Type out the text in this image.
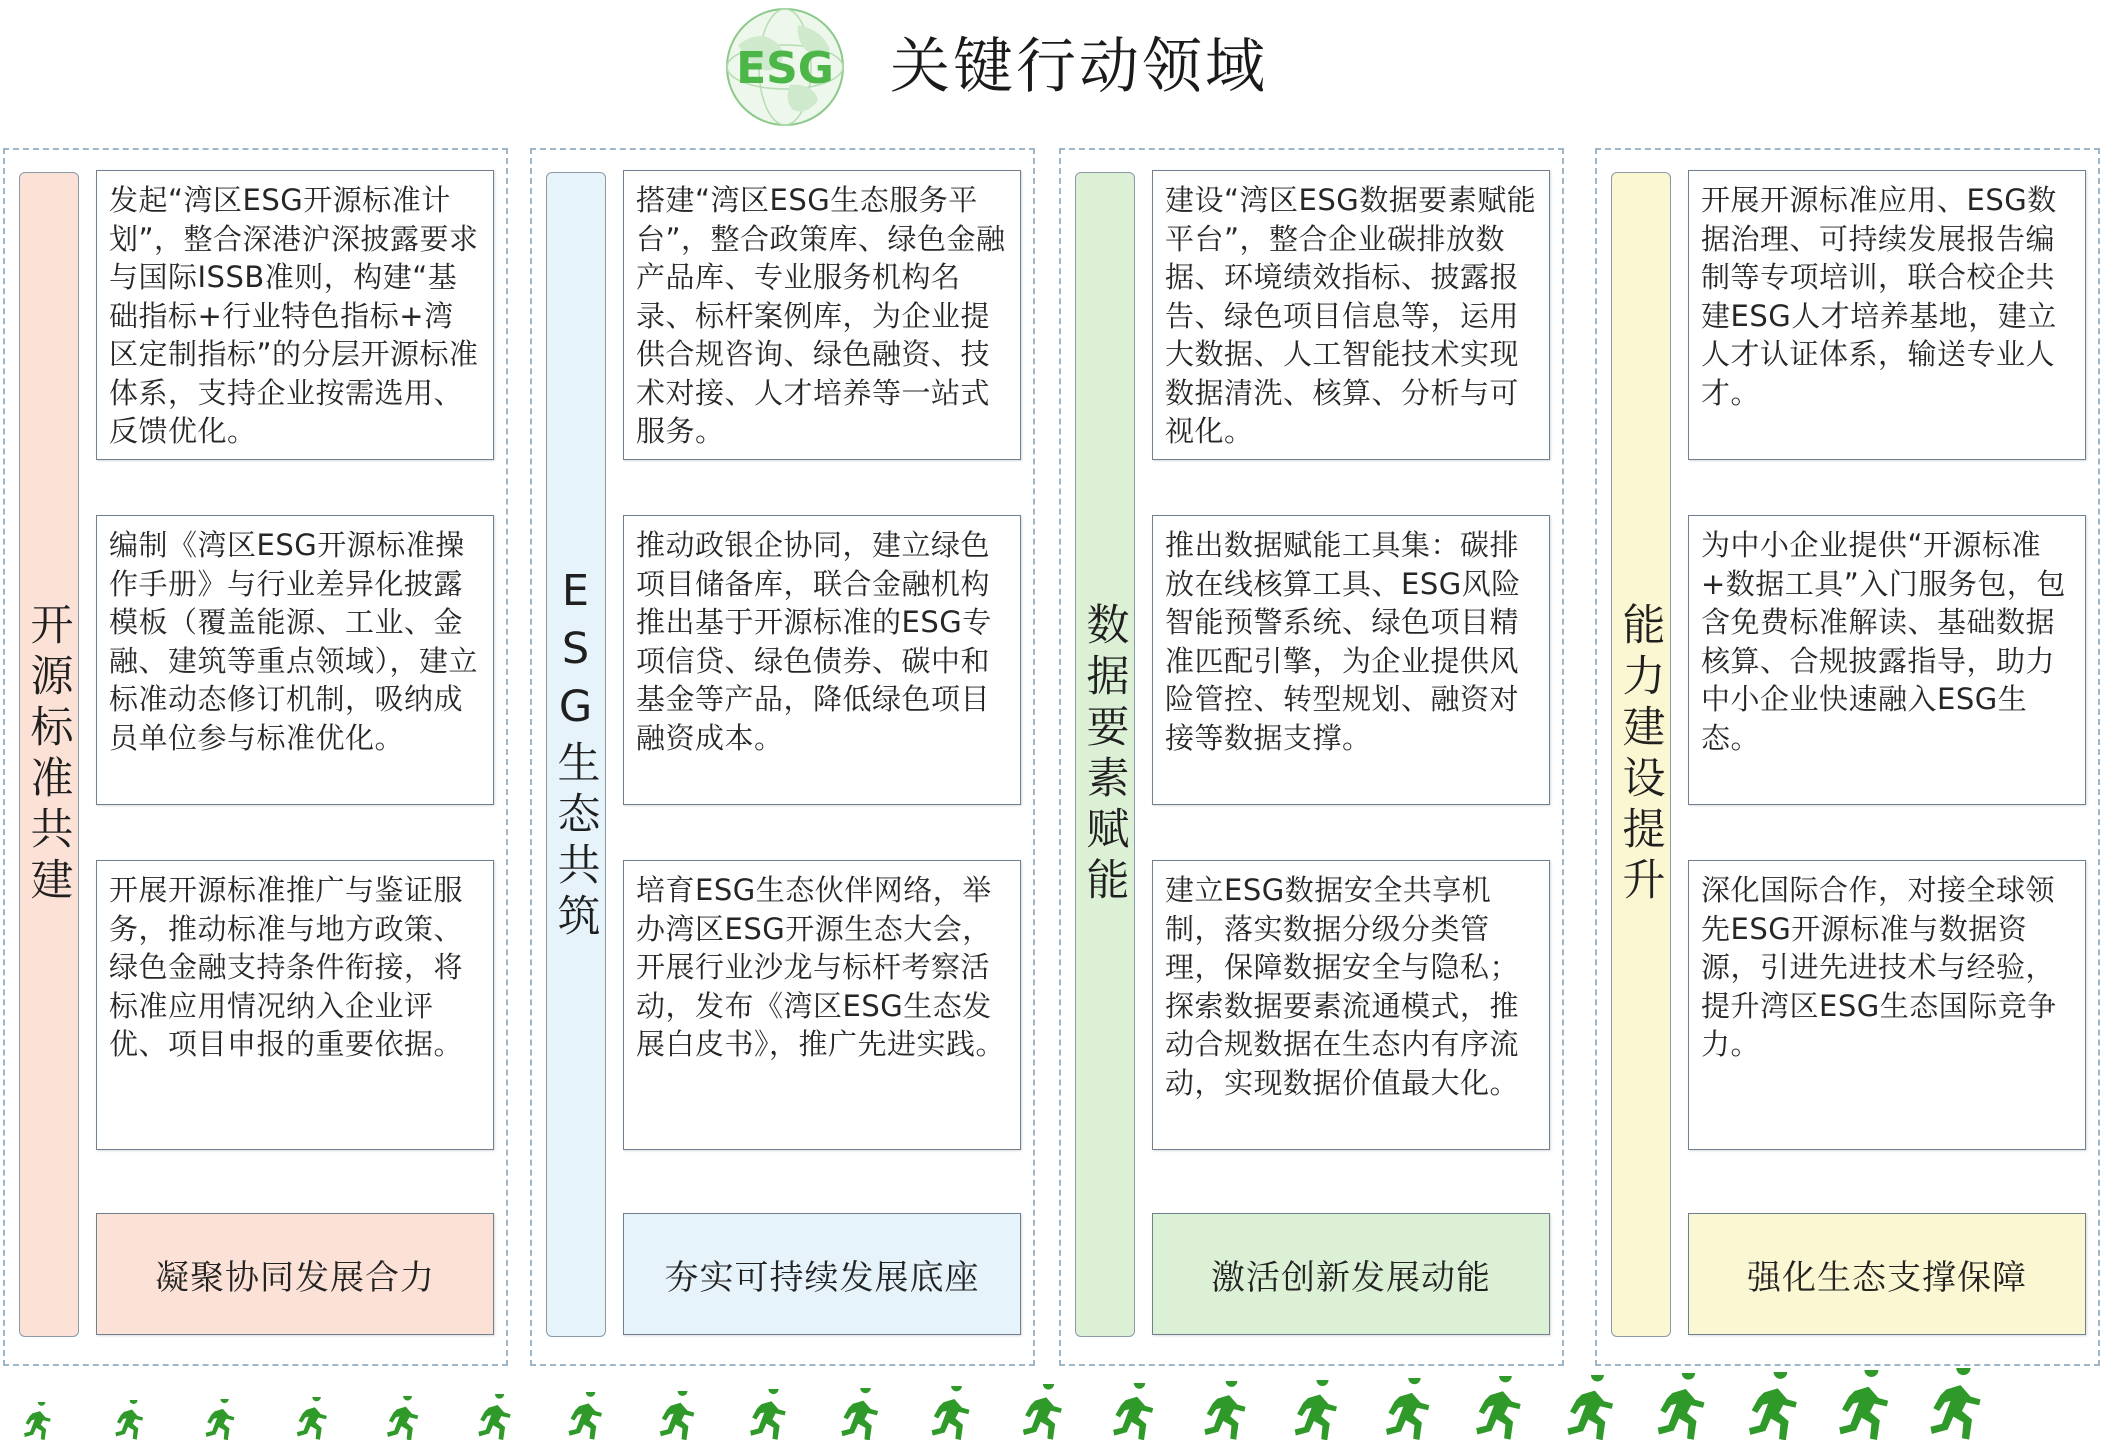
ESG 关键行动领域
开源标准共建
发起“湾区ESG开源标准计划”，整合深港沪深披露要求与国际ISSB准则，构建“基础指标+行业特色指标+湾区定制指标”的分层开源标准体系，支持企业按需选用、反馈优化。
编制《湾区ESG开源标准操作手册》与行业差异化披露模板（覆盖能源、工业、金融、建筑等重点领域），建立标准动态修订机制，吸纳成员单位参与标准优化。
开展开源标准推广与鉴证服务，推动标准与地方政策、绿色金融支持条件衔接，将标准应用情况纳入企业评优、项目申报的重要依据。
凝聚协同发展合力
ESG生态共筑
搭建“湾区ESG生态服务平台”，整合政策库、绿色金融产品库、专业服务机构名录、标杆案例库，为企业提供合规咨询、绿色融资、技术对接、人才培养等一站式服务。
推动政银企协同，建立绿色项目储备库，联合金融机构推出基于开源标准的ESG专项信贷、绿色债券、碳中和基金等产品，降低绿色项目融资成本。
培育ESG生态伙伴网络，举办湾区ESG开源生态大会，开展行业沙龙与标杆考察活动，发布《湾区ESG生态发展白皮书》，推广先进实践。
夯实可持续发展底座
数据要素赋能
建设“湾区ESG数据要素赋能平台”，整合企业碳排放数据、环境绩效指标、披露报告、绿色项目信息等，运用大数据、人工智能技术实现数据清洗、核算、分析与可视化。
推出数据赋能工具集：碳排放在线核算工具、ESG风险智能预警系统、绿色项目精准匹配引擎，为企业提供风险管控、转型规划、融资对接等数据支撑。
建立ESG数据安全共享机制，落实数据分级分类管理，保障数据安全与隐私；探索数据要素流通模式，推动合规数据在生态内有序流动，实现数据价值最大化。
激活创新发展动能
能力建设提升
开展开源标准应用、ESG数据治理、可持续发展报告编制等专项培训，联合校企共建ESG人才培养基地，建立人才认证体系，输送专业人才。
为中小企业提供“开源标准+数据工具”入门服务包，包含免费标准解读、基础数据核算、合规披露指导，助力中小企业快速融入ESG生态。
深化国际合作，对接全球领先ESG开源标准与数据资源，引进先进技术与经验，提升湾区ESG生态国际竞争力。
强化生态支撑保障
